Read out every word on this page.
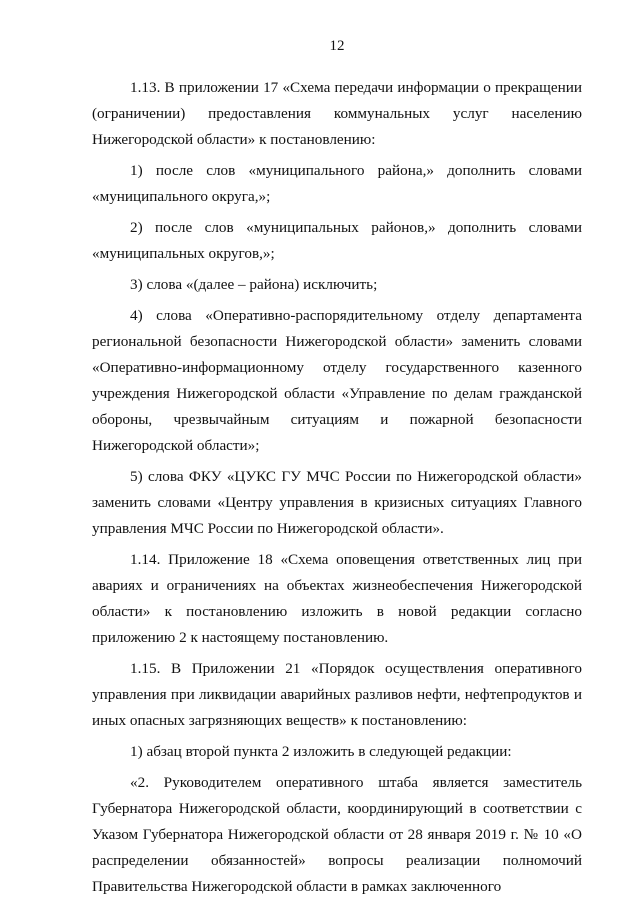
12

1.13. В приложении 17 «Схема передачи информации о прекращении (ограничении) предоставления коммунальных услуг населению Нижегородской области» к постановлению:

1) после слов «муниципального района,» дополнить словами «муниципального округа,»;

2) после слов «муниципальных районов,» дополнить словами «муниципальных округов,»;

3) слова «(далее – района) исключить;

4) слова «Оперативно-распорядительному отделу департамента региональной безопасности Нижегородской области» заменить словами «Оперативно-информационному отделу государственного казенного учреждения Нижегородской области «Управление по делам гражданской обороны, чрезвычайным ситуациям и пожарной безопасности Нижегородской области»;

5) слова ФКУ «ЦУКС ГУ МЧС России по Нижегородской области» заменить словами «Центру управления в кризисных ситуациях Главного управления МЧС России по Нижегородской области».

1.14. Приложение 18 «Схема оповещения ответственных лиц при авариях и ограничениях на объектах жизнеобеспечения Нижегородской области» к постановлению изложить в новой редакции согласно приложению 2 к настоящему постановлению.

1.15. В Приложении 21 «Порядок осуществления оперативного управления при ликвидации аварийных разливов нефти, нефтепродуктов и иных опасных загрязняющих веществ» к постановлению:

1) абзац второй пункта 2 изложить в следующей редакции:

«2. Руководителем оперативного штаба является заместитель Губернатора Нижегородской области, координирующий в соответствии с Указом Губернатора Нижегородской области от 28 января 2019 г. № 10 «О распределении обязанностей» вопросы реализации полномочий Правительства Нижегородской области в рамках заключенного
